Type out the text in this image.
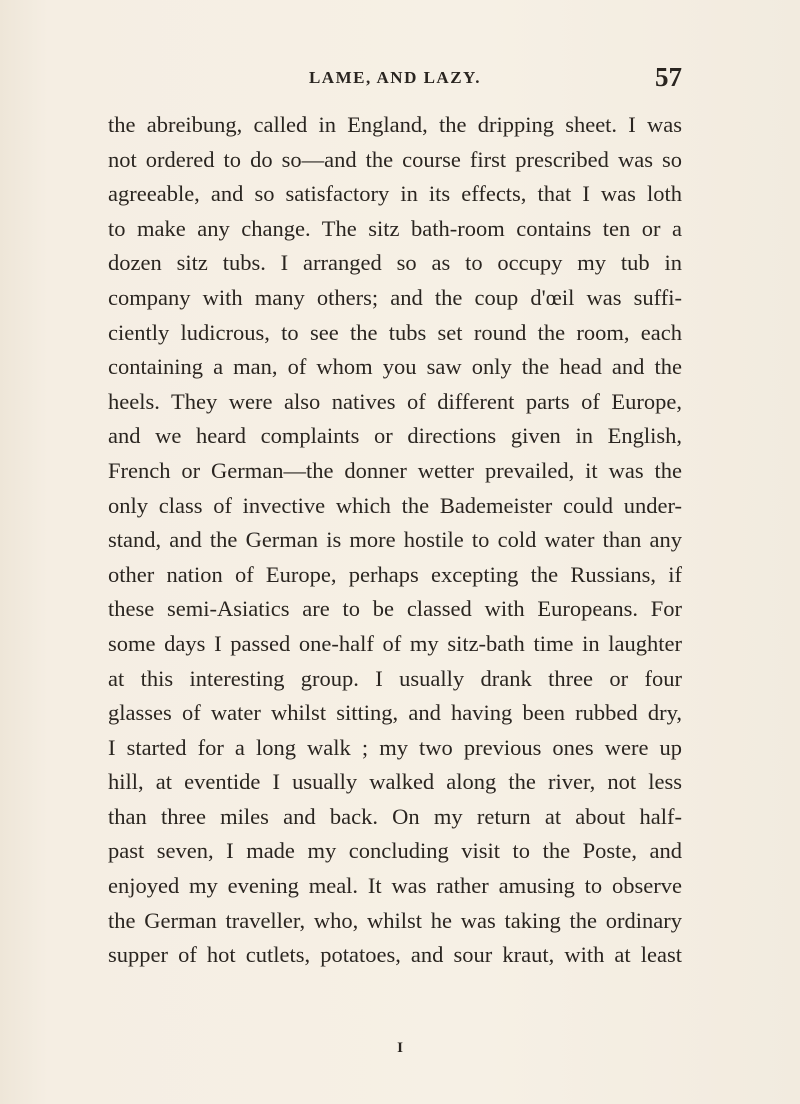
LAME, AND LAZY.	57
the abreibung, called in England, the dripping sheet. I was
not ordered to do so—and the course first prescribed was so
agreeable, and so satisfactory in its effects, that I was loth
to make any change. The sitz bath-room contains ten or a
dozen sitz tubs. I arranged so as to occupy my tub in
company with many others; and the coup d'œil was suffi-
ciently ludicrous, to see the tubs set round the room, each
containing a man, of whom you saw only the head and the
heels. They were also natives of different parts of Europe,
and we heard complaints or directions given in English,
French or German—the donner wetter prevailed, it was the
only class of invective which the Bademeister could under-
stand, and the German is more hostile to cold water than any
other nation of Europe, perhaps excepting the Russians, if
these semi-Asiatics are to be classed with Europeans. For
some days I passed one-half of my sitz-bath time in laughter
at this interesting group. I usually drank three or four
glasses of water whilst sitting, and having been rubbed dry,
I started for a long walk ; my two previous ones were up
hill, at eventide I usually walked along the river, not less
than three miles and back. On my return at about half-
past seven, I made my concluding visit to the Poste, and
enjoyed my evening meal. It was rather amusing to observe
the German traveller, who, whilst he was taking the ordinary
supper of hot cutlets, potatoes, and sour kraut, with at least
I
